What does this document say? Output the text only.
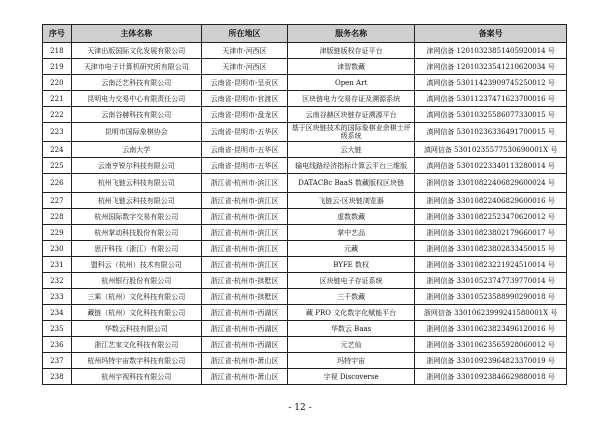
序号	主体名称	所在地区	服务名称	备案号
218	天津出版国际文化发展有限公司	天津市-河西区	津版链版权存证平台	津网信备 12010323851405920014 号
219	天津市电子计算机研究所有限公司	天津市-河西区	津智数藏	津网信备 12010323541210620034 号
220	云南泛艺科技有限公司	云南省-昆明市-呈贡区	Open Art	滇网信备 53011423909745250012 号
221	昆明电力交易中心有限责任公司	云南省-昆明市-官渡区	区块链电力交易存证及溯源系统	滇网信备 53011237471623700016 号
222	云南谷赫科技有限公司	云南省-昆明市-盘龙区	云南谷赫区块链存证溯源平台	滇网信备 53010325586077330015 号
223	昆明市国际象棋协会	云南省-昆明市-五华区	基于区块链技术的国际象棋业余棋士评级系统	滇网信备 53010236336491700015 号
224	云南大学	云南省-昆明市-五华区	云大链	滇网信备 53010235577530690001X 号
225	云南亨锐尔科技有限公司	云南省-昆明市-五华区	输电线路经济指标计算云平台三维版	滇网信备 53010223340113280014 号
226	杭州飞链云科技有限公司	浙江省-杭州市-滨江区	DATACBc BaaS 数藏版权区块链	浙网信备 33010822406829600024 号
227	杭州飞链云科技有限公司	浙江省-杭州市-滨江区	飞链云-区块链浏览器	浙网信备 33010822406829600016 号
228	杭州国际数字交易有限公司	浙江省-杭州市-滨江区	虚数数藏	浙网信备 33010822523470620012 号
229	杭州掌动科技股份有限公司	浙江省-杭州市-滨江区	掌中艺品	浙网信备 33010823802179660017 号
230	思汗科技（浙江）有限公司	浙江省-杭州市-滨江区	元藏	浙网信备 33010823802833450015 号
231	盟科云（杭州）技术有限公司	浙江省-杭州市-滨江区	BYFE 数权	浙网信备 33010823221924510014 号
232	杭州银行股份有限公司	浙江省-杭州市-拱墅区	区块链电子存证系统	浙网信备 33010523747739770014 号
233	三乘（杭州）文化科技有限公司	浙江省-杭州市-拱墅区	三千数藏	浙网信备 33010523588990290018 号
234	藏链（杭州）文化科技有限公司	浙江省-杭州市-西湖区	藏 PRO 文化数字化赋能平台	浙网信备 33010623999241580001X 号
235	华数云科技有限公司	浙江省-杭州市-西湖区	华数云 Baas	浙网信备 33010623823496120016 号
236	浙江艺家文化科技有限公司	浙江省-杭州市-西湖区	元艺仙	浙网信备 33010623565928060012 号
237	杭州玛特宇宙数字科技有限公司	浙江省-杭州市-萧山区	玛特宇宙	浙网信备 33010923964823370019 号
238	杭州宇视科技有限公司	浙江省-杭州市-萧山区	宇视 Discoverse	浙网信备 33010923846629880018 号
- 12 -
